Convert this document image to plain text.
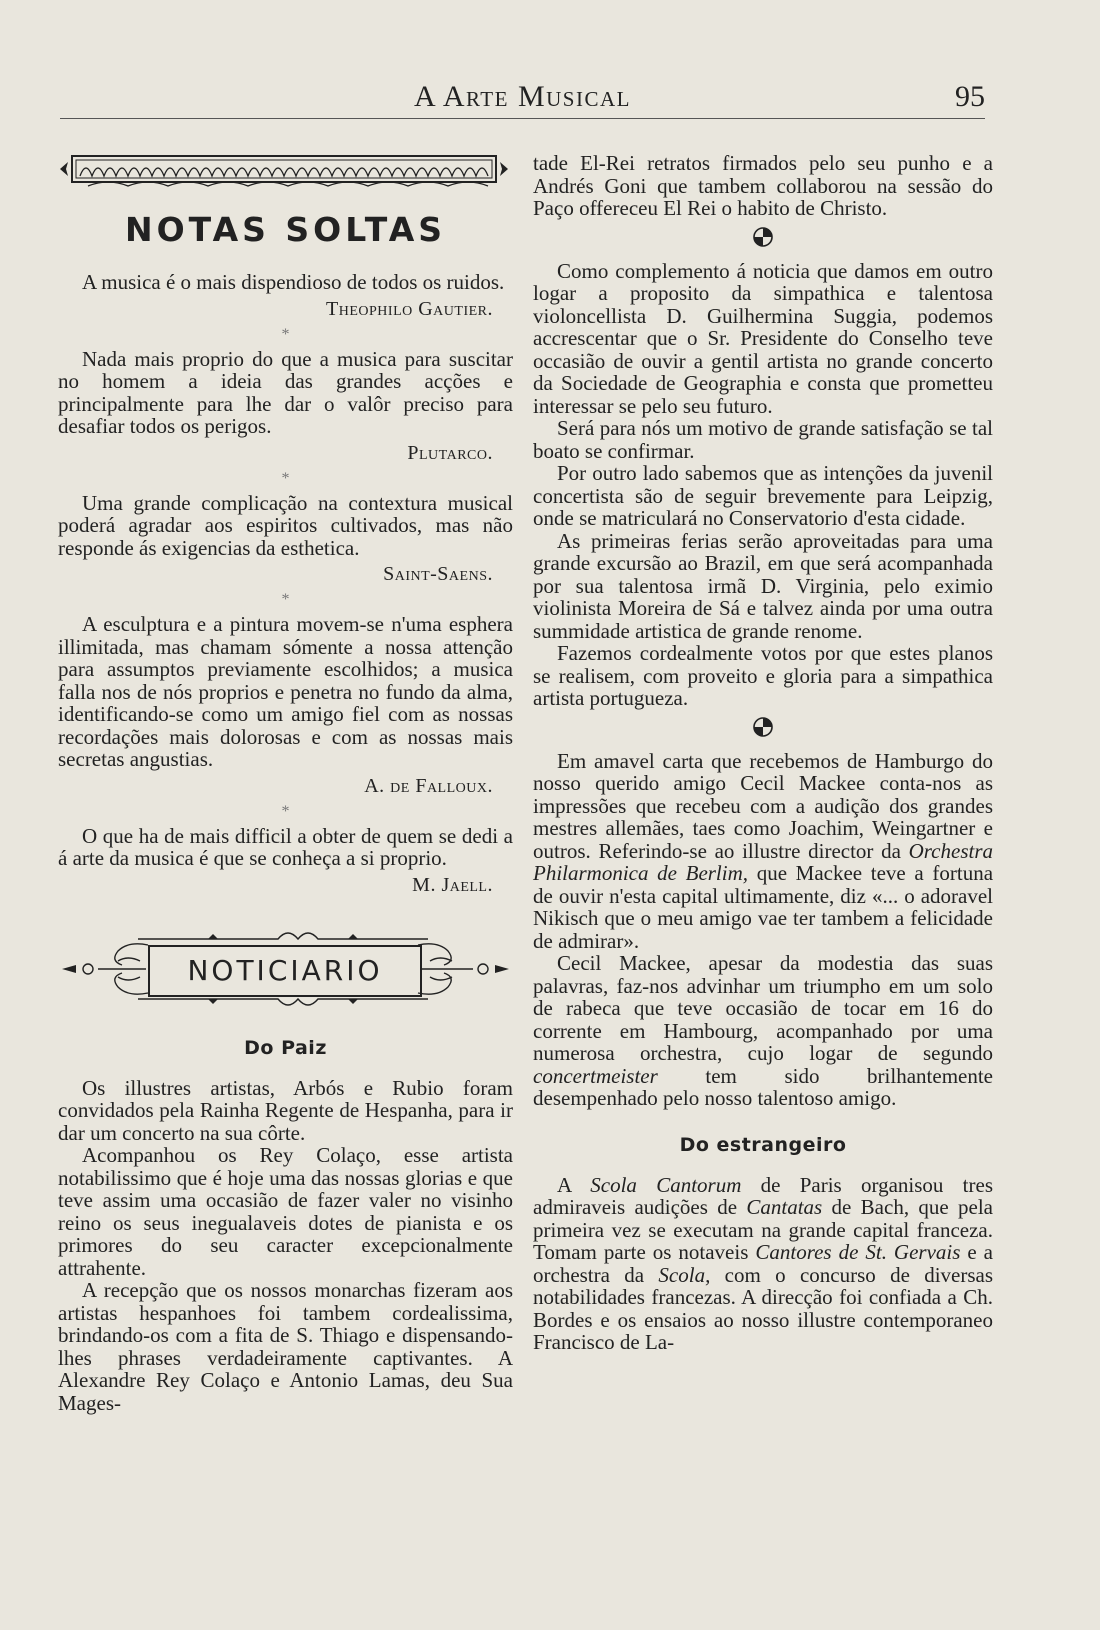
A Arte Musical	95
NOTAS SOLTAS

A musica é o mais dispendioso de todos os ruidos.

Theophilo Gautier.
*

Nada mais proprio do que a musica para suscitar no homem a ideia das grandes acções e principalmente para lhe dar o valôr preciso para desafiar todos os perigos.

Plutarco.
*

Uma grande complicação na contextura musical poderá agradar aos espiritos cultivados, mas não responde ás exigencias da esthetica.

Saint-Saens.
*

A esculptura e a pintura movem-se n'uma esphera illimitada, mas chamam sómente a nossa attenção para assumptos previamente escolhidos; a musica falla nos de nós proprios e penetra no fundo da alma, identificando-se como um amigo fiel com as nossas recordações mais dolorosas e com as nossas mais secretas angustias.

A. de Falloux.
*

O que ha de mais difficil a obter de quem se dedi a á arte da musica é que se conheça a si proprio.

M. Jaell.
NOTICIARIO
Do Paiz

Os illustres artistas, Arbós e Rubio foram convidados pela Rainha Regente de Hespanha, para ir dar um concerto na sua côrte.

Acompanhou os Rey Colaço, esse artista notabilissimo que é hoje uma das nossas glorias e que teve assim uma occasião de fazer valer no visinho reino os seus inegualaveis dotes de pianista e os primores do seu caracter excepcionalmente attrahente.

A recepção que os nossos monarchas fizeram aos artistas hespanhoes foi tambem cordealissima, brindando-os com a fita de S. Thiago e dispensando-lhes phrases verdadeiramente captivantes. A Alexandre Rey Colaço e Antonio Lamas, deu Sua Mages-

tade El-Rei retratos firmados pelo seu punho e a Andrés Goni que tambem collaborou na sessão do Paço offereceu El Rei o habito de Christo.

Como complemento á noticia que damos em outro logar a proposito da simpathica e talentosa violoncellista D. Guilhermina Suggia, podemos accrescentar que o Sr. Presidente do Conselho teve occasião de ouvir a gentil artista no grande concerto da Sociedade de Geographia e consta que prometteu interessar se pelo seu futuro.

Será para nós um motivo de grande satisfação se tal boato se confirmar.

Por outro lado sabemos que as intenções da juvenil concertista são de seguir brevemente para Leipzig, onde se matriculará no Conservatorio d'esta cidade.

As primeiras ferias serão aproveitadas para uma grande excursão ao Brazil, em que será acompanhada por sua talentosa irmã D. Virginia, pelo eximio violinista Moreira de Sá e talvez ainda por uma outra summidade artistica de grande renome.

Fazemos cordealmente votos por que estes planos se realisem, com proveito e gloria para a simpathica artista portugueza.

Em amavel carta que recebemos de Hamburgo do nosso querido amigo Cecil Mackee conta-nos as impressões que recebeu com a audição dos grandes mestres allemães, taes como Joachim, Weingartner e outros. Referindo-se ao illustre director da Orchestra Philarmonica de Berlim, que Mackee teve a fortuna de ouvir n'esta capital ultimamente, diz «... o adoravel Nikisch que o meu amigo vae ter tambem a felicidade de admirar».

Cecil Mackee, apesar da modestia das suas palavras, faz-nos advinhar um triumpho em um solo de rabeca que teve occasião de tocar em 16 do corrente em Hambourg, acompanhado por uma numerosa orchestra, cujo logar de segundo concertmeister tem sido brilhantemente desempenhado pelo nosso talentoso amigo.

Do estrangeiro

A Scola Cantorum de Paris organisou tres admiraveis audições de Cantatas de Bach, que pela primeira vez se executam na grande capital franceza. Tomam parte os notaveis Cantores de St. Gervais e a orchestra da Scola, com o concurso de diversas notabilidades francezas. A direcção foi confiada a Ch. Bordes e os ensaios ao nosso illustre contemporaneo Francisco de La-
